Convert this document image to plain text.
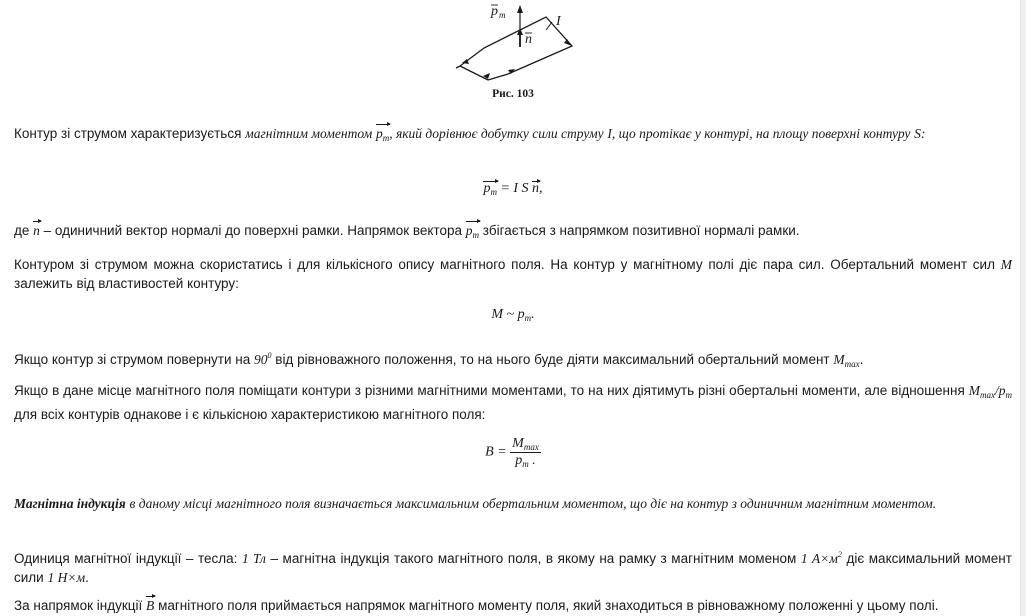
p m
n
I
Рис. 103
Контур зі струмом характеризується магнітним моментом $p_m$, який дорівнює добутку сили струму I, що протікає у контурі, на площу поверхні контуру S:
$p_m = I$ S n,
де n – одиничний вектор нормалі до поверхні рамки. Напрямок вектора $p_m$ збігається з напрямком позитивної нормалі рамки.
Контуром зі струмом можна скористатись і для кількісного опису магнітного поля. На контур у магнітному полі діє пара сил. Обертальний момент сил M залежить від властивостей контуру:
M ~ $p_m$.
Якщо контур зі струмом повернути на $90^0$ від рівноважного положення, то на нього буде діяти максимальний обертальний момент $M_{max}$.
Якщо в дане місце магнітного поля поміщати контури з різними магнітними моментами, то на них діятимуть різні обертальні моменти, але відношення $M_{max}/p_m$ для всіх контурів однакове і є кількісною характеристикою магнітного поля:
$B = \frac{M_{max}}{p_m .}$
Магнітна індукція в даному місці магнітного поля визначається максимальним обертальним моментом, що діє на контур з одиничним магнітним моментом.
Одиниця магнітної індукції – тесла: 1 Тл – магнітна індукція такого магнітного поля, в якому на рамку з магнітним моменом 1 $А\times м^2$ діє максимальний момент сили 1 Н×м.
За напрямок індукції B магнітного поля приймається напрямок магнітного моменту поля, який знаходиться в рівноважному положенні у цьому полі.
